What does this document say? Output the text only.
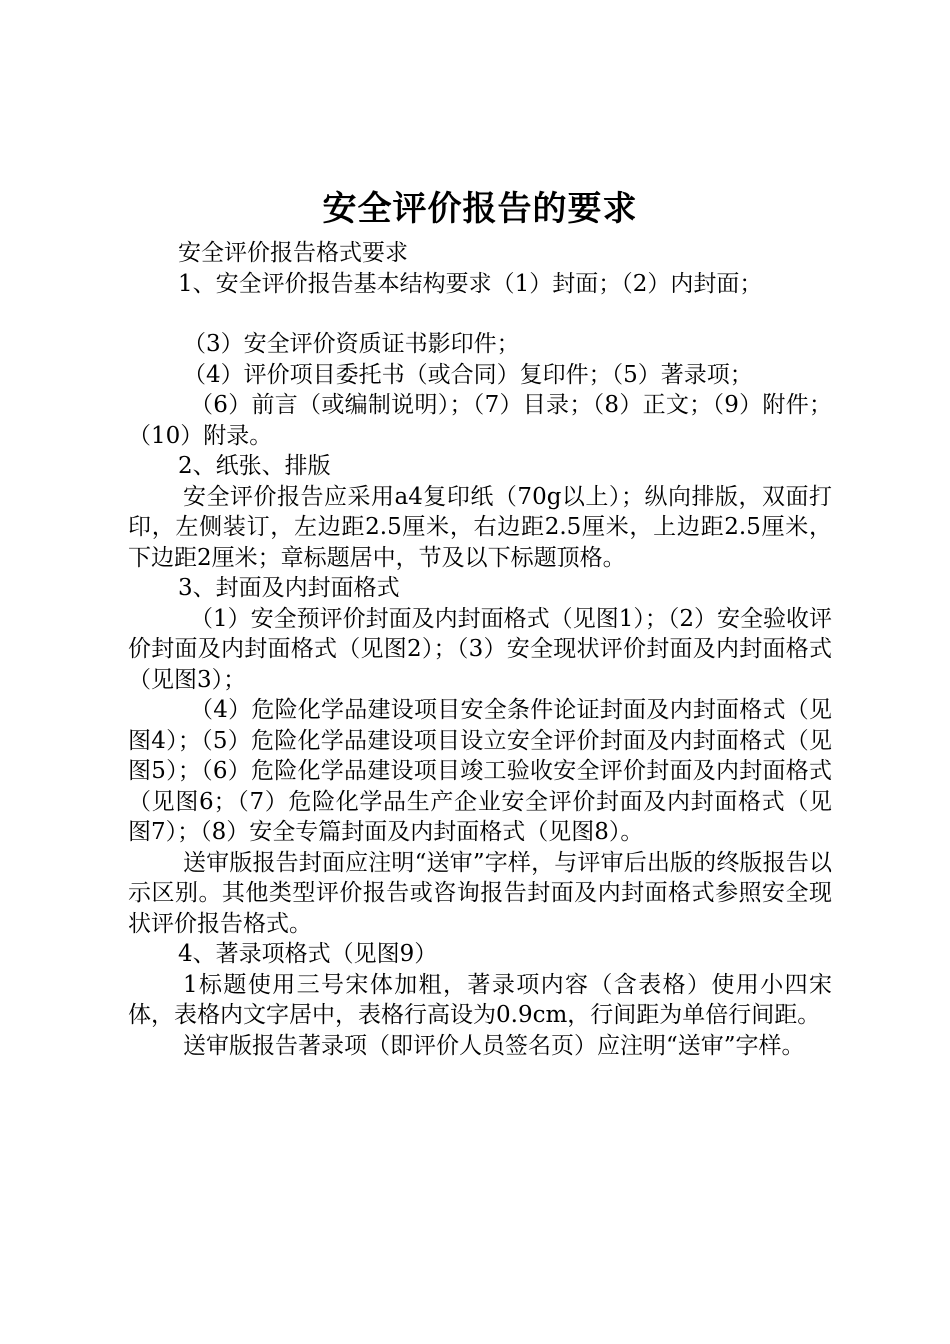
安全评价报告的要求

安全评价报告格式要求

1、安全评价报告基本结构要求（1）封面；（2）内封面；

（3）安全评价资质证书影印件；

（4）评价项目委托书（或合同）复印件；（5）著录项；

（6）前言（或编制说明）；（7）目录；（8）正文；（9）附件；（10）附录。

2、纸张、排版

安全评价报告应采用a4复印纸（70g以上）；纵向排版，双面打印，左侧装订，左边距2.5厘米，右边距2.5厘米，上边距2.5厘米，下边距2厘米；章标题居中，节及以下标题顶格。

3、封面及内封面格式

（1）安全预评价封面及内封面格式（见图1）；（2）安全验收评价封面及内封面格式（见图2）；（3）安全现状评价封面及内封面格式（见图3）；

（4）危险化学品建设项目安全条件论证封面及内封面格式（见图4）；（5）危险化学品建设项目设立安全评价封面及内封面格式（见图5）；（6）危险化学品建设项目竣工验收安全评价封面及内封面格式（见图6；（7）危险化学品生产企业安全评价封面及内封面格式（见图7）；（8）安全专篇封面及内封面格式（见图8）。

送审版报告封面应注明“送审”字样，与评审后出版的终版报告以示区别。其他类型评价报告或咨询报告封面及内封面格式参照安全现状评价报告格式。

4、著录项格式（见图9）

1标题使用三号宋体加粗，著录项内容（含表格）使用小四宋体，表格内文字居中，表格行高设为0.9cm，行间距为单倍行间距。

送审版报告著录项（即评价人员签名页）应注明“送审”字样。
